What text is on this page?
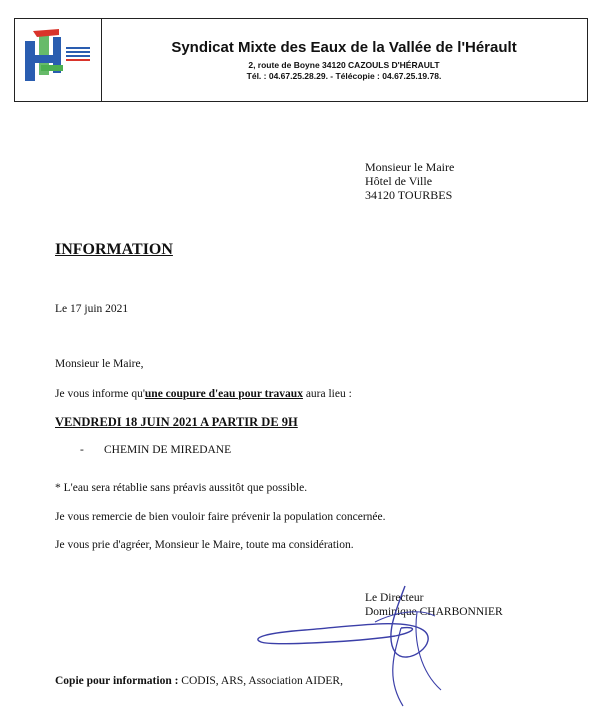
Syndicat Mixte des Eaux de la Vallée de l'Hérault
2, route de Boyne 34120 CAZOULS D'HÉRAULT
Tél. : 04.67.25.28.29. - Télécopie : 04.67.25.19.78.
Monsieur le Maire
Hôtel de Ville
34120 TOURBES
INFORMATION
Le 17 juin 2021
Monsieur le Maire,
Je vous informe qu'une coupure d'eau pour travaux aura lieu :
VENDREDI 18 JUIN 2021 A PARTIR DE 9H
- CHEMIN DE MIREDANE
* L'eau sera rétablie sans préavis aussitôt que possible.
Je vous remercie de bien vouloir faire prévenir la population concernée.
Je vous prie d'agréer, Monsieur le Maire, toute ma considération.
Le Directeur
Dominique CHARBONNIER
Copie pour information : CODIS, ARS, Association AIDER,
